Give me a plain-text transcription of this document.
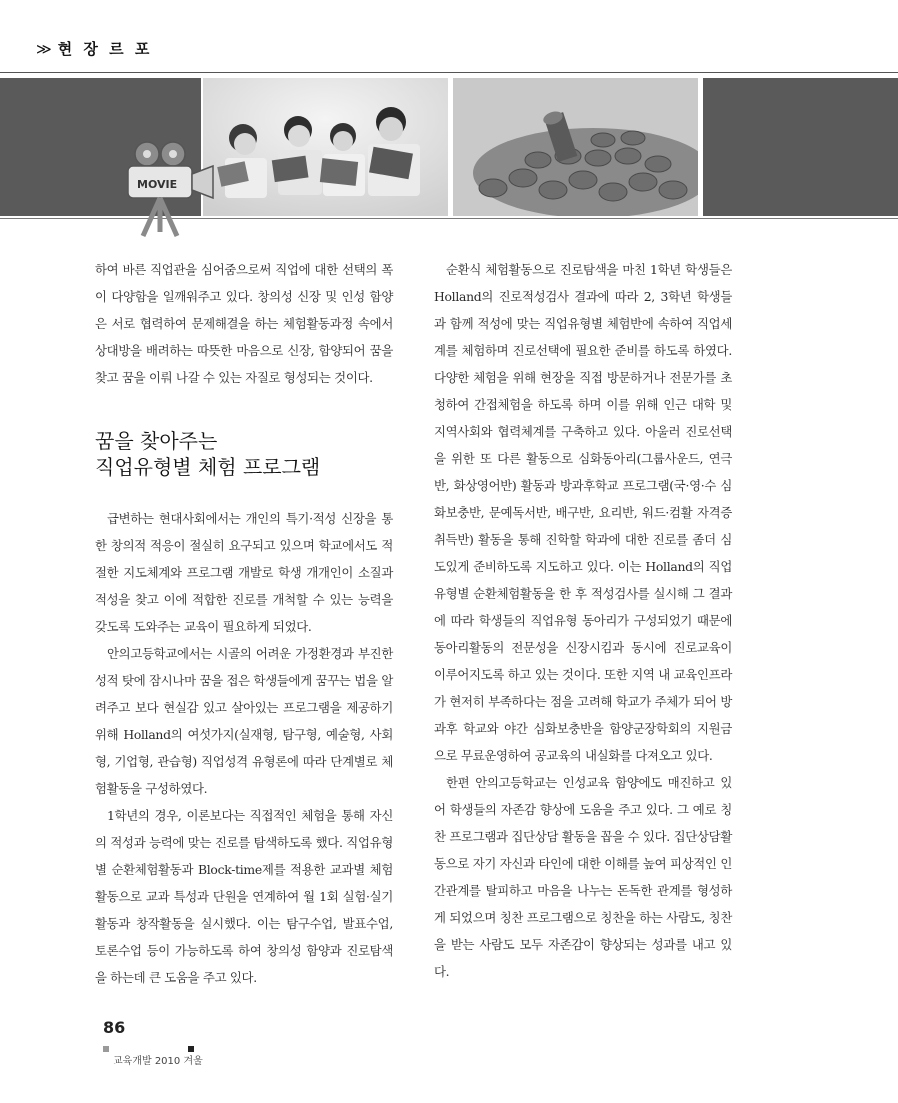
≫ 현 장 르 포
MOVIE

하여 바른 직업관을 심어줌으로써 직업에 대한 선택의 폭이 다양함을 일깨워주고 있다. 창의성 신장 및 인성 함양은 서로 협력하여 문제해결을 하는 체험활동과정 속에서 상대방을 배려하는 따뜻한 마음으로 신장, 함양되어 꿈을 찾고 꿈을 이뤄 나갈 수 있는 자질로 형성되는 것이다.

꿈을 찾아주는
직업유형별 체험 프로그램

급변하는 현대사회에서는 개인의 특기·적성 신장을 통한 창의적 적응이 절실히 요구되고 있으며 학교에서도 적절한 지도체계와 프로그램 개발로 학생 개개인이 소질과 적성을 찾고 이에 적합한 진로를 개척할 수 있는 능력을 갖도록 도와주는 교육이 필요하게 되었다.

안의고등학교에서는 시골의 어려운 가정환경과 부진한 성적 탓에 잠시나마 꿈을 접은 학생들에게 꿈꾸는 법을 알려주고 보다 현실감 있고 살아있는 프로그램을 제공하기 위해 Holland의 여섯가지(실재형, 탐구형, 예술형, 사회형, 기업형, 관습형) 직업성격 유형론에 따라 단계별로 체험활동을 구성하였다.

1학년의 경우, 이론보다는 직접적인 체험을 통해 자신의 적성과 능력에 맞는 진로를 탐색하도록 했다. 직업유형별 순환체험활동과 Block-time제를 적용한 교과별 체험활동으로 교과 특성과 단원을 연계하여 월 1회 실험·실기활동과 창작활동을 실시했다. 이는 탐구수업, 발표수업, 토론수업 등이 가능하도록 하여 창의성 함양과 진로탐색을 하는데 큰 도움을 주고 있다.

순환식 체험활동으로 진로탐색을 마친 1학년 학생들은 Holland의 진로적성검사 결과에 따라 2, 3학년 학생들과 함께 적성에 맞는 직업유형별 체험반에 속하여 직업세계를 체험하며 진로선택에 필요한 준비를 하도록 하였다. 다양한 체험을 위해 현장을 직접 방문하거나 전문가를 초청하여 간접체험을 하도록 하며 이를 위해 인근 대학 및 지역사회와 협력체계를 구축하고 있다. 아울러 진로선택을 위한 또 다른 활동으로 심화동아리(그룹사운드, 연극반, 화상영어반) 활동과 방과후학교 프로그램(국·영·수 심화보충반, 문예독서반, 배구반, 요리반, 워드·컴활 자격증 취득반) 활동을 통해 진학할 학과에 대한 진로를 좀더 심도있게 준비하도록 지도하고 있다. 이는 Holland의 직업유형별 순환체험활동을 한 후 적성검사를 실시해 그 결과에 따라 학생들의 직업유형 동아리가 구성되었기 때문에 동아리활동의 전문성을 신장시킴과 동시에 진로교육이 이루어지도록 하고 있는 것이다. 또한 지역 내 교육인프라가 현저히 부족하다는 점을 고려해 학교가 주체가 되어 방과후 학교와 야간 심화보충반을 함양군장학회의 지원금으로 무료운영하여 공교육의 내실화를 다져오고 있다.

한편 안의고등학교는 인성교육 함양에도 매진하고 있어 학생들의 자존감 향상에 도움을 주고 있다. 그 예로 칭찬 프로그램과 집단상담 활동을 꼽을 수 있다. 집단상담활동으로 자기 자신과 타인에 대한 이해를 높여 피상적인 인간관계를 탈피하고 마음을 나누는 돈독한 관계를 형성하게 되었으며 칭찬 프로그램으로 칭찬을 하는 사람도, 칭찬을 받는 사람도 모두 자존감이 향상되는 성과를 내고 있다.

86
교육개발 2010 겨울
